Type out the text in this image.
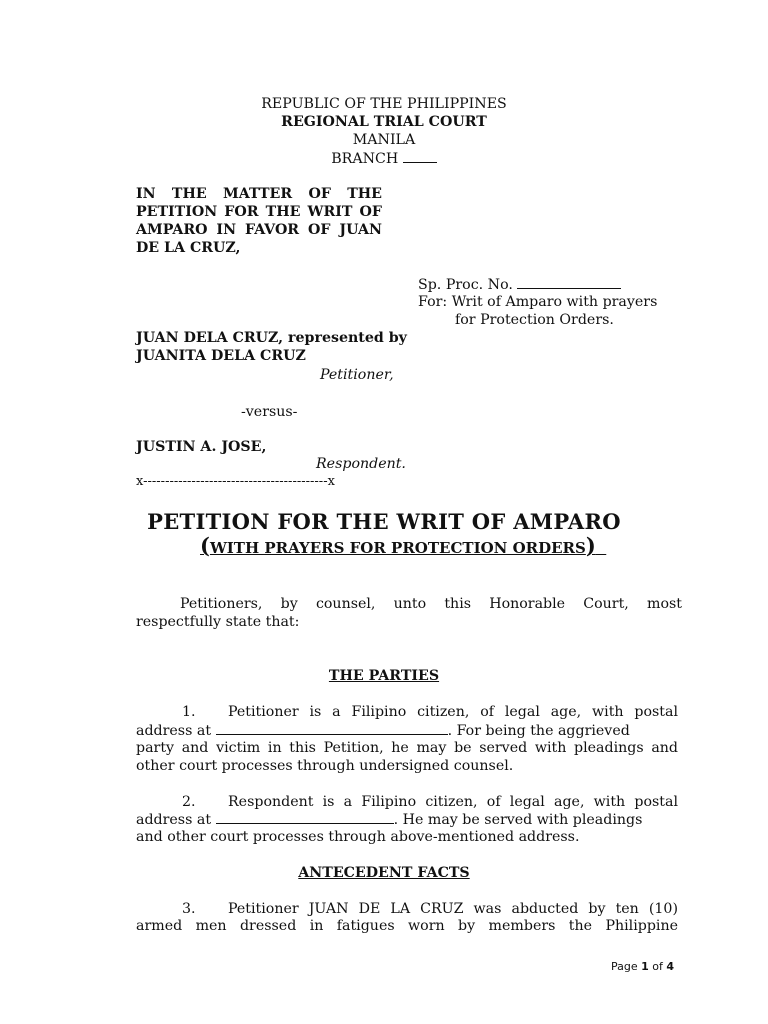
REPUBLIC OF THE PHILIPPINES
REGIONAL TRIAL COURT
MANILA
BRANCH
IN THE MATTER OF THE
PETITION FOR THE WRIT OF
AMPARO IN FAVOR OF JUAN
DE LA CRUZ,
Sp. Proc. No.
For: Writ of Amparo with prayers
for Protection Orders.
JUAN DELA CRUZ, represented by
JUANITA DELA CRUZ
Petitioner,
-versus-
JUSTIN A. JOSE,
Respondent.
x------------------------------------------x
PETITION FOR THE WRIT OF AMPARO
(WITH PRAYERS FOR PROTECTION ORDERS)
Petitioners, by counsel, unto this Honorable Court, most
respectfully state that:
THE PARTIES
1. Petitioner is a Filipino citizen, of legal age, with postal
address at	. For being the aggrieved
party and victim in this Petition, he may be served with pleadings and
other court processes through undersigned counsel.
2. Respondent is a Filipino citizen, of legal age, with postal
address at	. He may be served with pleadings
and other court processes through above-mentioned address.
ANTECEDENT FACTS
3. Petitioner JUAN DE LA CRUZ was abducted by ten (10)
armed men dressed in fatigues worn by members the Philippine
Page 1 of 4
